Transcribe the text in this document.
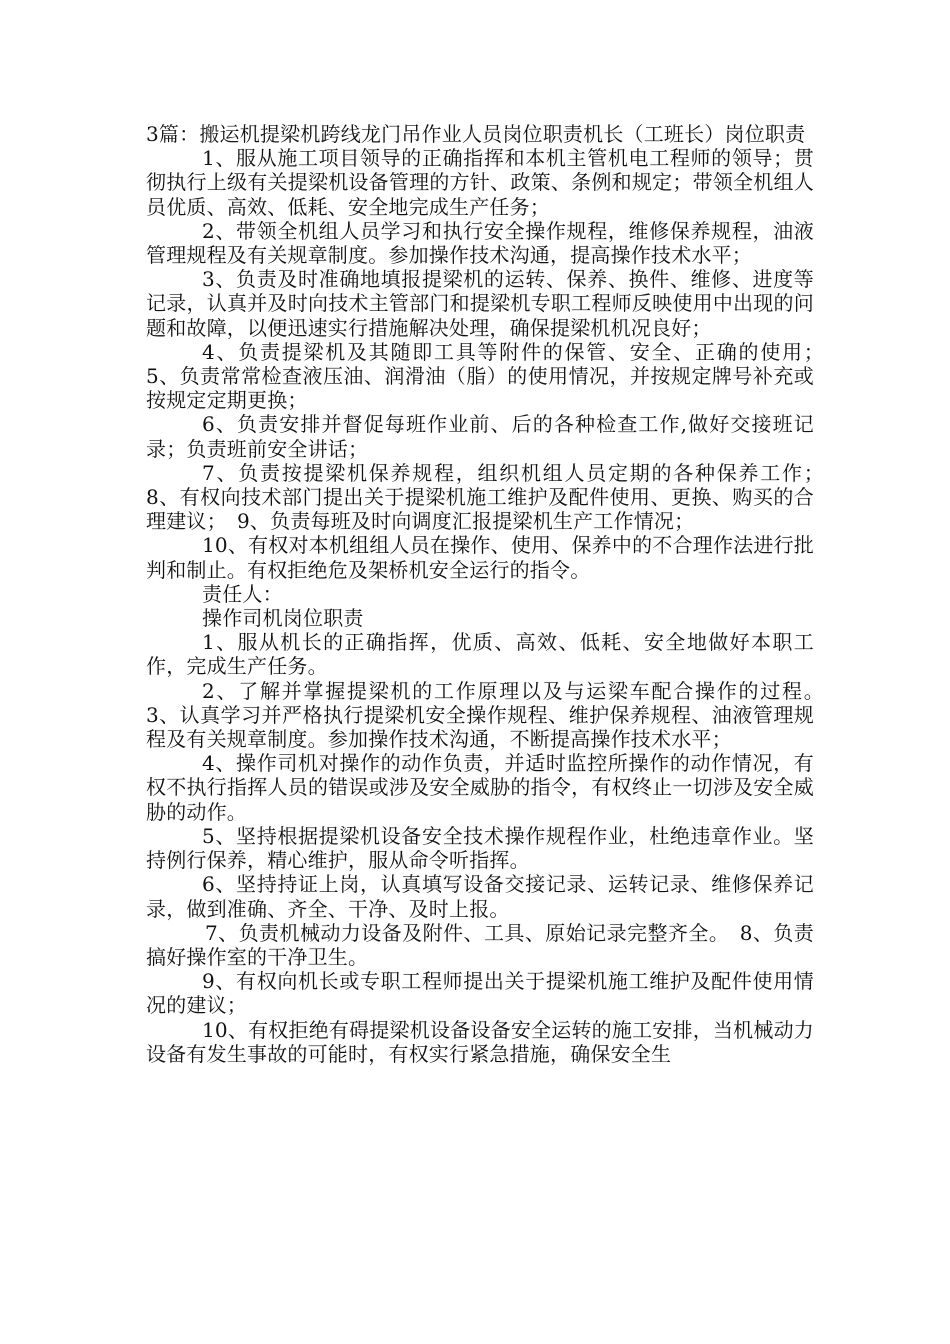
3篇：搬运机提梁机跨线龙门吊作业人员岗位职责机长（工班长）岗位职责

1、服从施工项目领导的正确指挥和本机主管机电工程师的领导；贯彻执行上级有关提梁机设备管理的方针、政策、条例和规定；带领全机组人员优质、高效、低耗、安全地完成生产任务；

2、带领全机组人员学习和执行安全操作规程，维修保养规程，油液管理规程及有关规章制度。参加操作技术沟通，提高操作技术水平；

3、负责及时准确地填报提梁机的运转、保养、换件、维修、进度等记录，认真并及时向技术主管部门和提梁机专职工程师反映使用中出现的问题和故障，以便迅速实行措施解决处理，确保提梁机机况良好；

4、负责提梁机及其随即工具等附件的保管、安全、正确的使用；　5、负责常常检查液压油、润滑油（脂）的使用情况，并按规定牌号补充或按规定定期更换；

6、负责安排并督促每班作业前、后的各种检查工作,做好交接班记录；负责班前安全讲话；

7、负责按提梁机保养规程，组织机组人员定期的各种保养工作；　8、有权向技术部门提出关于提梁机施工维护及配件使用、更换、购买的合理建议；　9、负责每班及时向调度汇报提梁机生产工作情况；

10、有权对本机组组人员在操作、使用、保养中的不合理作法进行批判和制止。有权拒绝危及架桥机安全运行的指令。

责任人：

操作司机岗位职责

1、服从机长的正确指挥，优质、高效、低耗、安全地做好本职工作，完成生产任务。

2、了解并掌握提梁机的工作原理以及与运梁车配合操作的过程。　3、认真学习并严格执行提梁机安全操作规程、维护保养规程、油液管理规程及有关规章制度。参加操作技术沟通，不断提高操作技术水平；

4、操作司机对操作的动作负责，并适时监控所操作的动作情况，有权不执行指挥人员的错误或涉及安全威胁的指令，有权终止一切涉及安全威胁的动作。

5、坚持根据提梁机设备安全技术操作规程作业，杜绝违章作业。坚持例行保养，精心维护，服从命令听指挥。

6、坚持持证上岗，认真填写设备交接记录、运转记录、维修保养记录，做到准确、齐全、干净、及时上报。

7、负责机械动力设备及附件、工具、原始记录完整齐全。　8、负责搞好操作室的干净卫生。

9、有权向机长或专职工程师提出关于提梁机施工维护及配件使用情况的建议；

10、有权拒绝有碍提梁机设备设备安全运转的施工安排，当机械动力设备有发生事故的可能时，有权实行紧急措施，确保安全生
